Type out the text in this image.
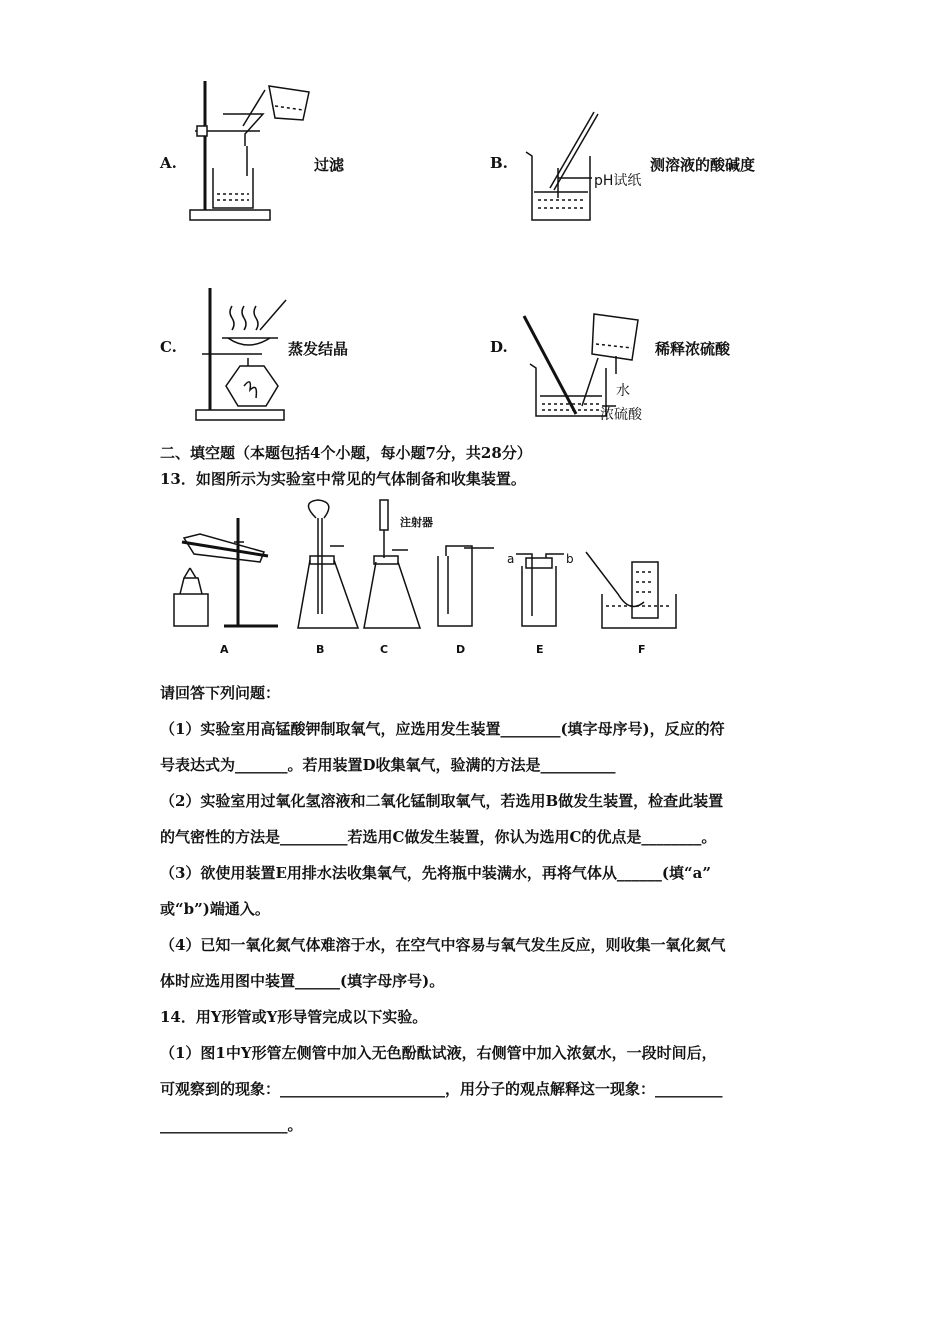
A.	过滤	B.
pH试纸
测溶液的酸碱度
C.	蒸发结晶	D.
水
浓硫酸
稀释浓硫酸
二、填空题（本题包括4个小题，每小题7分，共28分）
13．如图所示为实验室中常见的气体制备和收集装置。
注射器
a	b
A	B	C	D	E	F
请回答下列问题：
（1）实验室用高锰酸钾制取氧气，应选用发生装置________(填字母序号)，反应的符
号表达式为_______。若用装置D收集氧气，验满的方法是__________
（2）实验室用过氧化氢溶液和二氧化锰制取氧气，若选用B做发生装置，检查此装置
的气密性的方法是_________若选用C做发生装置，你认为选用C的优点是________。
（3）欲使用装置E用排水法收集氧气，先将瓶中装满水，再将气体从______(填“a”
或“b”)端通入。
（4）已知一氧化氮气体难溶于水，在空气中容易与氧气发生反应，则收集一氧化氮气
体时应选用图中装置______(填字母序号)。
14．用Y形管或Y形导管完成以下实验。
（1）图1中Y形管左侧管中加入无色酚酞试液，右侧管中加入浓氨水，一段时间后，
可观察到的现象：______________________，用分子的观点解释这一现象：_________
_________________。
